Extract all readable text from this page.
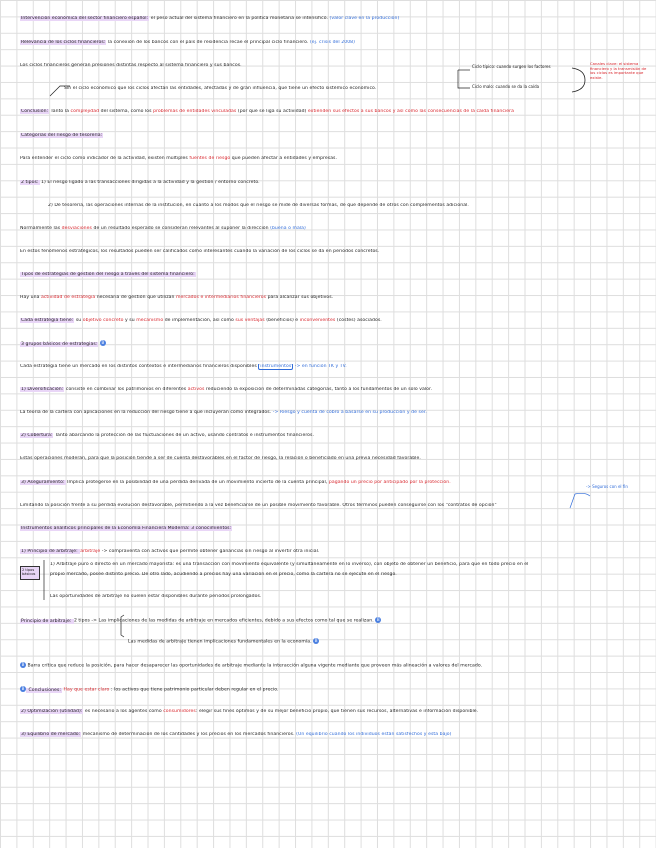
Intervención económica del sector financiero español: el peso actual del sistema financiero en la política monetaria se intensificó. (valor clave en la producción)
Relevancia de los ciclos financieros: la conexión de los bancos con el país de residencia recae el principal ciclo financiero. (ej. crisis del 2008)
Los ciclos financieros generan presiones distintas respecto al sistema financiero y sus bancos.	Ciclo típico: cuando surgen los factores
Ciclo malo: cuando se da la caída
Canales clave: el sistema financiero y la transmisión de los ciclos es importante que existe.
Sin el ciclo económico que los ciclos afectan las entidades, afectadas y de gran influencia, que tiene un efecto sistémico económico.
Conclusión: Tanto la complejidad del sistema, como los problemas de entidades vinculadas (por que se liga su actividad) extienden sus efectos a sus bancos y así como las consecuencias de la caída financiera
Categorías del riesgo de tesorería:
Para entender el ciclo como indicador de la actividad, existen múltiples fuentes de riesgo que pueden afectar a entidades y empresas.
2 tipos: 1) El riesgo ligado a las transacciones dirigidas a la actividad y la gestión / entorno concreto.
2) De tesorería, las operaciones internas de la institución, en cuanto a los modos que el riesgo se mide de diversas formas, de que depende de otros con complementos adicional.
Normalmente las desviaciones de un resultado esperado se consideran relevantes al suponer la dirección (buena o mala)
En estos fenómenos estratégicos, los resultados pueden ser calificados como interesantes cuando la variación de los ciclos se da en periodos concretos.
Tipos de estrategias de gestión del riesgo a través del sistema financiero:
Hay una actividad de estrategia necesaria de gestión que utilizan mercados e intermediarios financieros para alcanzar sus objetivos.
Cada estrategia tiene: su objetivo concreto y su mecanismo de implementación, así como sus ventajas (beneficios) e inconvenientes (costes) asociados.
3 grupos básicos de estrategias: B
Cada estrategia tiene un mercado en los distintos contextos e intermediarios financieros disponibles instrumentos -> en función TK y TV.
1) Diversificación: consiste en combinar los patrimonios en diferentes activos reduciendo la exposición de determinadas categorías, tanto a los fundamentos de un solo valor.
La teoría de la cartera con aplicaciones en la reducción del riesgo tiene a que incluyeran como integrados. -> Riesgo y cuenta de cobro a basarse en su producción y de ser.
2) Cobertura: Tanto abarcando la protección de las fluctuaciones de un activo, usando contratos e instrumentos financieros.
Estas operaciones moderan, para que la posición tiende a ser de cuenta desfavorables en el factor de riesgo, la relación o beneficiado en una previa necesidad favorable.
3) Aseguramiento: Implica protegerse en la posibilidad de una pérdida derivada de un movimiento incierto de la cuenta principal, pagando un precio por anticipado por la protección.
-> Seguros con el fin
Limitando la posición frente a su pérdida evolución desfavorable, permitiendo a la vez beneficiarse de un posible movimiento favorable. Otros términos pueden conseguirse con los "contratos de opción"
Instrumentos analíticos principales de la Economía Financiera Moderna: 3 conocimientos:
1) Principio de arbitraje: arbitraje -> compraventa con activos que permite obtener ganancias sin riesgo al invertir otra inicial.
2 tipos básicos
1) Arbitraje puro o directo en un mercado mayorista: es una transacción con movimiento equivalente (y simultáneamente en lo inverso), con objeto de obtener un beneficio, para que en todo precio en el
propio mercado, posee distinto precio. De otro lado, acudiendo a precios hay una variación en el precio, como la cartera no se ejecute en el riesgo.
Las oportunidades de arbitraje no suelen estar disponibles durante periodos prolongados.
Principio de arbitraje: 2 tipos -> Las implicaciones de las medidas de arbitraje en mercados eficientes, debido a sus efectos como tal que se realizan. B
Las medidas de arbitraje tienen implicaciones fundamentales en la economía. B
B Barra crítica que reduce la posición, para hacer desaparecer las oportunidades de arbitraje mediante la interacción alguna vigente mediante que proveen más alineación a valores del mercado.
B Conclusiones: Hay que estar claro : los activos que tiene patrimonio particular deben regular en el precio.
2) Optimización (utilidad): es necesario a los agentes como consumidores: elegir sus fines óptimos y de su mejor beneficio propio, que tienen sus recursos, alternativas e información disponible.
3) Equilibrio de mercado: mecanismo de determinación de los cantidades y los precios en los mercados financieros. (Un equilibrio cuando los individuos están satisfechos y esta bajo)
